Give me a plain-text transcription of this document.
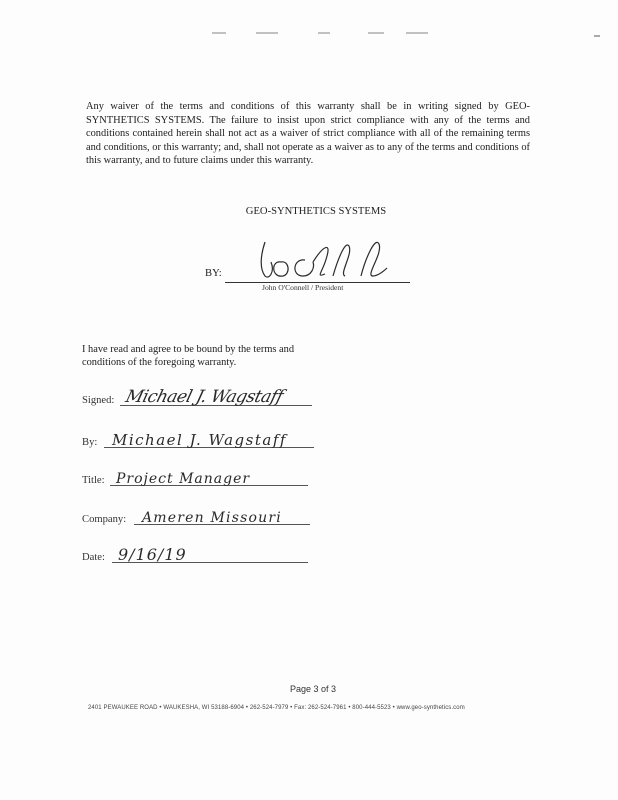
Any waiver of the terms and conditions of this warranty shall be in writing signed by GEO-SYNTHETICS SYSTEMS. The failure to insist upon strict compliance with any of the terms and conditions contained herein shall not act as a waiver of strict compliance with all of the remaining terms and conditions, or this warranty; and, shall not operate as a waiver as to any of the terms and conditions of this warranty, and to future claims under this warranty.
GEO-SYNTHETICS SYSTEMS
BY:
John O'Connell / President
I have read and agree to be bound by the terms and conditions of the foregoing warranty.
Signed: Michael J. Wagstaff
By: Michael J. Wagstaff
Title: Project Manager
Company: Ameren Missouri
Date: 9/16/19
Page 3 of 3
2401 PEWAUKEE ROAD • WAUKESHA, WI 53188-6904 • 262-524-7979 • Fax: 262-524-7961 • 800-444-5523 • www.geo-synthetics.com
